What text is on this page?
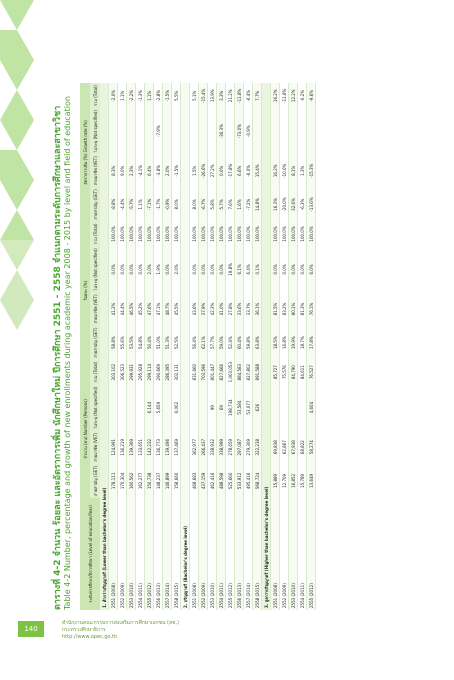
140
สำนักงานคณะกรรมการส่งเสริมการศึกษาเอกชน (สช.)
กระทรวงศึกษาธิการ
http://www.opec.go.th
ตารางที่ 4-2 จำนวน ร้อยละ และอัตราการเพิ่ม นักศึกษาใหม่ ปีการศึกษา 2551 - 2558 จำแนกตามระดับการศึกษาและสาขาวิชา Table 4-2 Number, percentage and growth of new enrollments during academic year 2008 - 2015 by level and field of education	ระดับการศึกษา/ปีการศึกษา (Level of education/Year)	จำนวน (คน) Number (Persons)				ร้อยละ (%)				อัตราการเพิ่ม (%) Growth rate (%)			
	สายสามัญ (GET)	สายอาชีพ (VET)	ไม่ระบุ (Not specified)	รวม (Total)	สายสามัญ (GET)	สายอาชีพ (VET)	ไม่ระบุ (Not specified)	รวม (Total)	สายสามัญ (GET)	สายอาชีพ (VET)	ไม่ระบุ (Not specified)	รวม (Total)
1. ต่ำกว่าปริญญาตรี (Lower than bachelor's degree level)												
2551 (2008)	178,111	124,991		303,102	58.8%	41.2%	0.0%	100.0%	-8.8%	8.3%		-2.0%
2552 (2009)	170,304	136,219		306,523	55.6%	44.4%	0.0%	100.0%	-4.4%	9.0%		1.1%
2553 (2010)	160,562	139,369		299,931	53.5%	46.5%	0.0%	100.0%	-5.7%	2.3%		-2.2%
2554 (2011)	162,277	133,651		295,928	54.8%	45.2%	0.0%	100.0%	1.1%	-4.1%		-1.3%
2555 (2012)	150,738	142,232	6,144	299,114	50.4%	47.6%	2.0%	100.0%	-7.1%	6.4%		1.1%
2556 (2013)	148,237	136,773	5,659	290,669	51.0%	47.1%	1.9%	100.0%	-1.7%	-3.8%	-7.9%	-2.8%
2557 (2014)	146,899	139,496		286,395	51.3%	48.7%	0.0%	100.0%	-0.9%	2.0%		-1.5%
2558 (2015)	158,660	137,469	6,002	302,131	52.5%	45.5%	2.0%	100.0%	8.0%	-1.5%		5.5%
2. ปริญญาตรี (Bachelor's degree level)												
2551 (2008)	468,683	362,977		831,660	56.4%	43.6%	0.0%	100.0%	8.0%	1.5%		5.1%
2552 (2009)	437,159	266,437		703,596	62.1%	37.9%	0.0%	100.0%	-6.7%	-26.6%		-15.4%
2553 (2010)	462,416	338,932	99	801,447	57.7%	42.3%	0.0%	100.0%	5.8%	27.2%		13.9%
2554 (2011)	488,598	338,999	69	827,666	59.0%	41.0%	0.0%	100.0%	5.7%	0.0%	-30.3%	3.3%
2555 (2012)	525,660	278,659	198,734	1,003,053	52.4%	27.8%	19.8%	100.0%	7.6%	-17.8%		21.2%
2556 (2013)	533,912	297,087	53,584	884,583	60.4%	33.6%	6.1%	100.0%	1.6%	6.6%	-73.0%	-11.8%
2557 (2014)	495,416	279,309	53,077	827,802	59.8%	33.7%	6.4%	100.0%	-7.2%	-6.0%	-0.9%	-6.4%
2558 (2015)	568,724	322,238	626	891,588	63.8%	36.1%	0.1%	100.0%	14.8%	15.4%		7.7%
3. สูงกว่าปริญญาตรี (Higher than bachelor's degree level)												
2551 (2008)	15,889	69,838		85,727	18.5%	81.5%	0.0%	100.0%	16.3%	16.2%		16.2%
2552 (2009)	12,709	62,867		75,576	16.8%	83.2%	0.0%	100.0%	-20.0%	-10.0%		-11.8%
2553 (2010)	16,852	67,938		84,790	19.9%	80.1%	0.0%	100.0%	32.6%	8.1%		12.2%
2554 (2011)	15,789	68,822		84,611	18.7%	81.3%	0.0%	100.0%	-6.3%	1.3%		-0.2%
2555 (2012)	13,649	58,274	4,604	76,527	17.8%	76.1%	6.0%	100.0%	-13.6%	-15.3%		-9.6%
